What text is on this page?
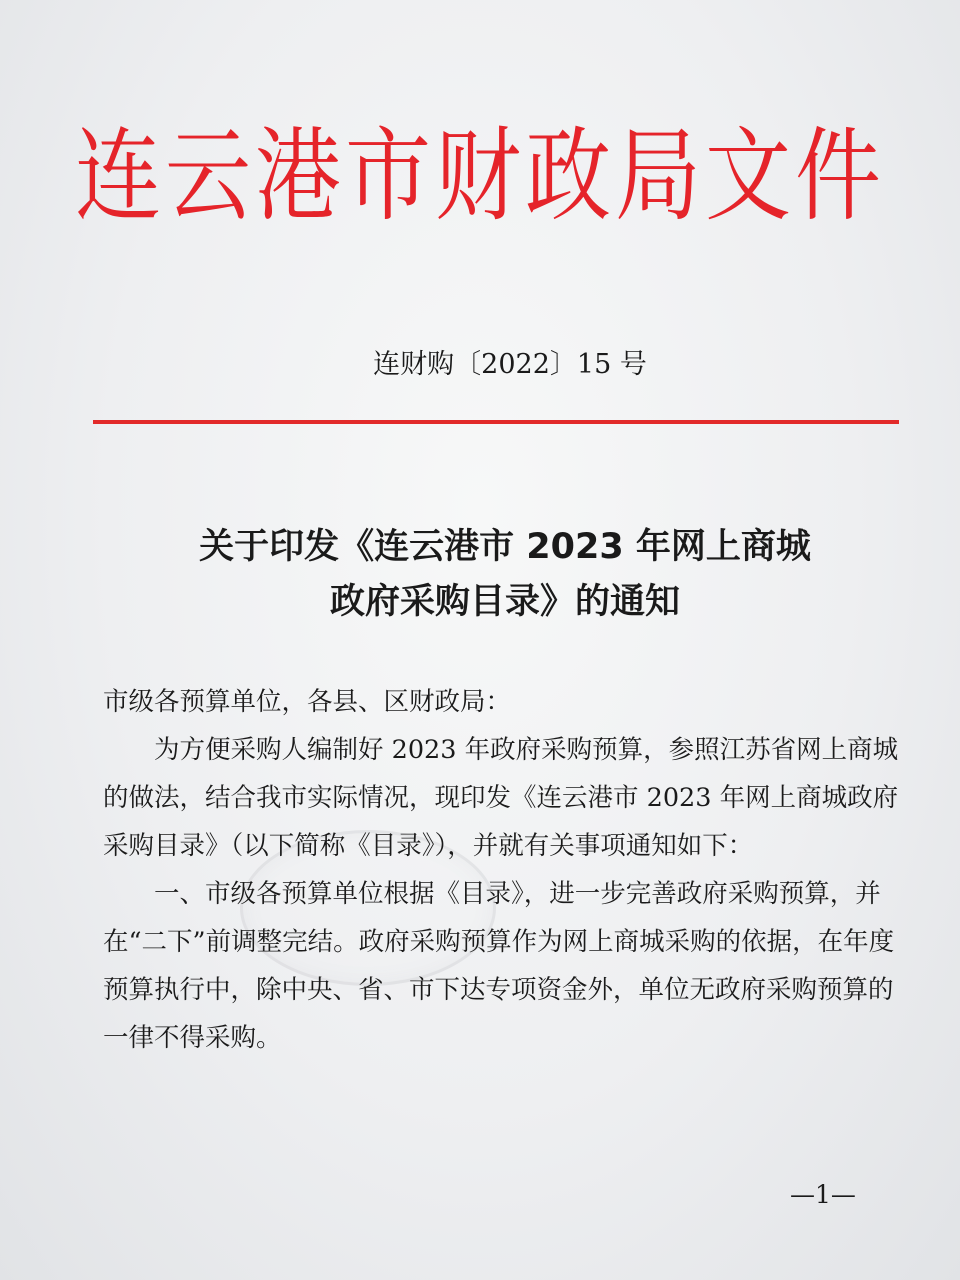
连云港市财政局文件
连财购〔2022〕15 号
关于印发《连云港市 2023 年网上商城
政府采购目录》的通知

市级各预算单位，各县、区财政局：

为方便采购人编制好 2023 年政府采购预算，参照江苏省网上商城的做法，结合我市实际情况，现印发《连云港市 2023 年网上商城政府采购目录》（以下简称《目录》），并就有关事项通知如下：

一、市级各预算单位根据《目录》，进一步完善政府采购预算，并在“二下”前调整完结。政府采购预算作为网上商城采购的依据，在年度预算执行中，除中央、省、市下达专项资金外，单位无政府采购预算的一律不得采购。

—1—
